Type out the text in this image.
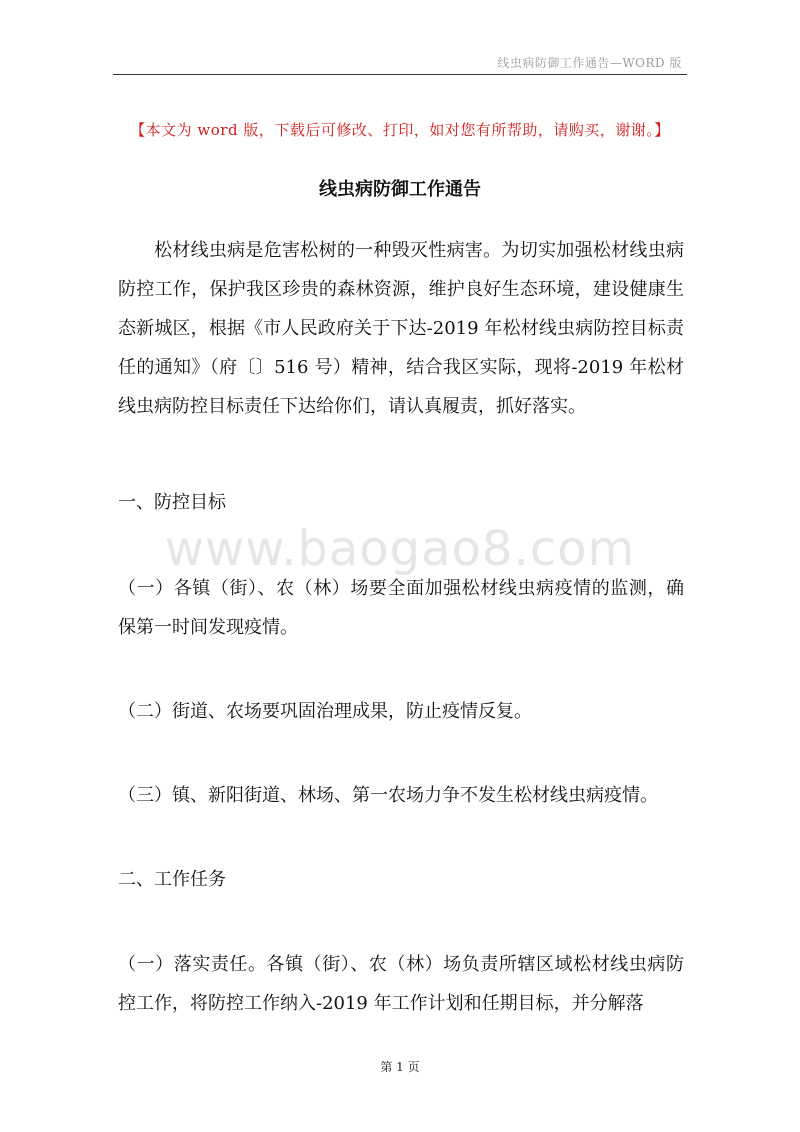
线虫病防御工作通告—WORD 版
【本文为 word 版，下载后可修改、打印，如对您有所帮助，请购买，谢谢。】
线虫病防御工作通告

松材线虫病是危害松树的一种毁灭性病害。为切实加强松材线虫病防控工作，保护我区珍贵的森林资源，维护良好生态环境，建设健康生态新城区，根据《市人民政府关于下达-2019 年松材线虫病防控目标责任的通知》（府〔〕516 号）精神，结合我区实际，现将-2019 年松材线虫病防控目标责任下达给你们，请认真履责，抓好落实。

一、防控目标

www.baogao8.com

（一）各镇（街）、农（林）场要全面加强松材线虫病疫情的监测，确保第一时间发现疫情。

（二）街道、农场要巩固治理成果，防止疫情反复。

（三）镇、新阳街道、林场、第一农场力争不发生松材线虫病疫情。

二、工作任务

（一）落实责任。各镇（街）、农（林）场负责所辖区域松材线虫病防控工作，将防控工作纳入-2019 年工作计划和任期目标，并分解落

第 1 页
